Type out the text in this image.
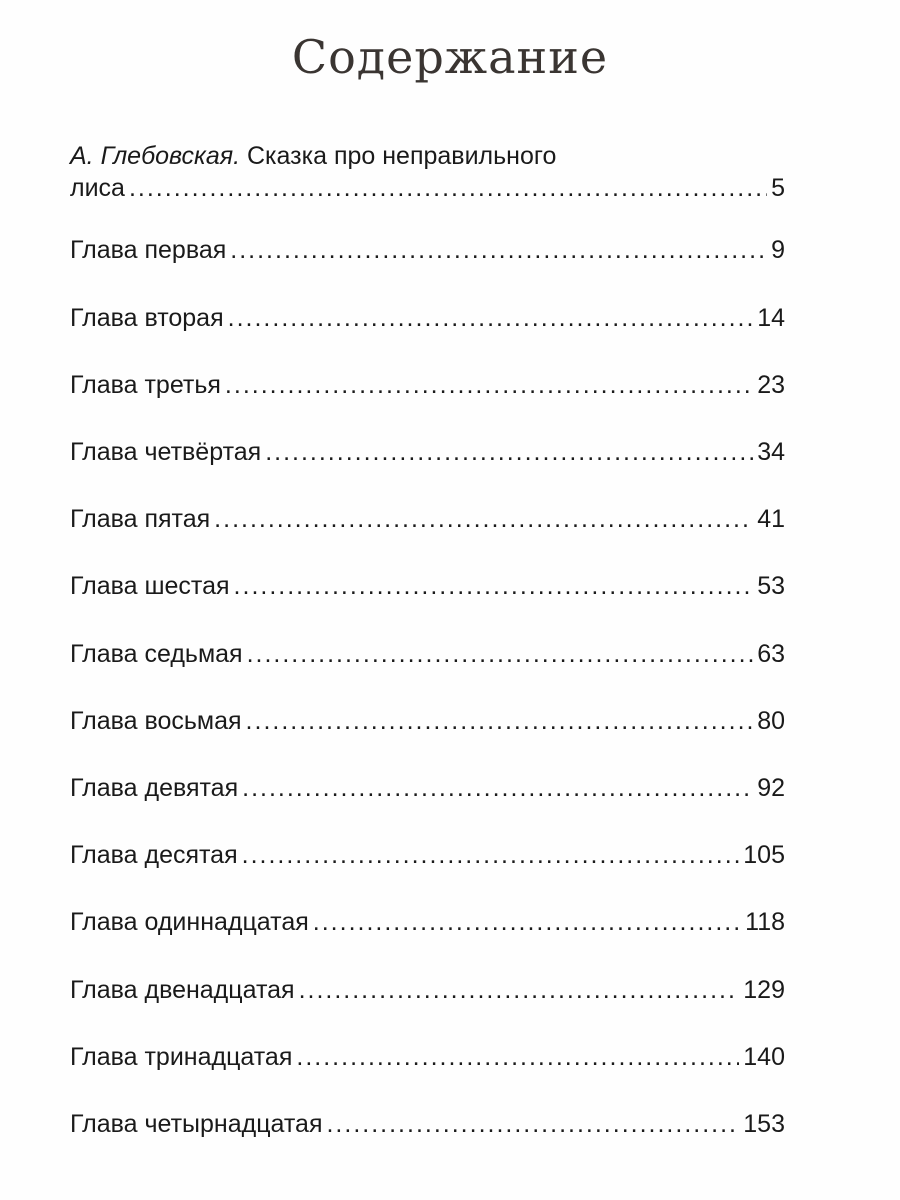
Содержание
А. Глебовская. Сказка про неправильного
лиса .....	5
Глава первая .....	9
Глава вторая .....	14
Глава третья .....	23
Глава четвёртая .....	34
Глава пятая .....	41
Глава шестая .....	53
Глава седьмая .....	63
Глава восьмая .....	80
Глава девятая .....	92
Глава десятая .....	105
Глава одиннадцатая .....	118
Глава двенадцатая .....	129
Глава тринадцатая .....	140
Глава четырнадцатая .....	153
